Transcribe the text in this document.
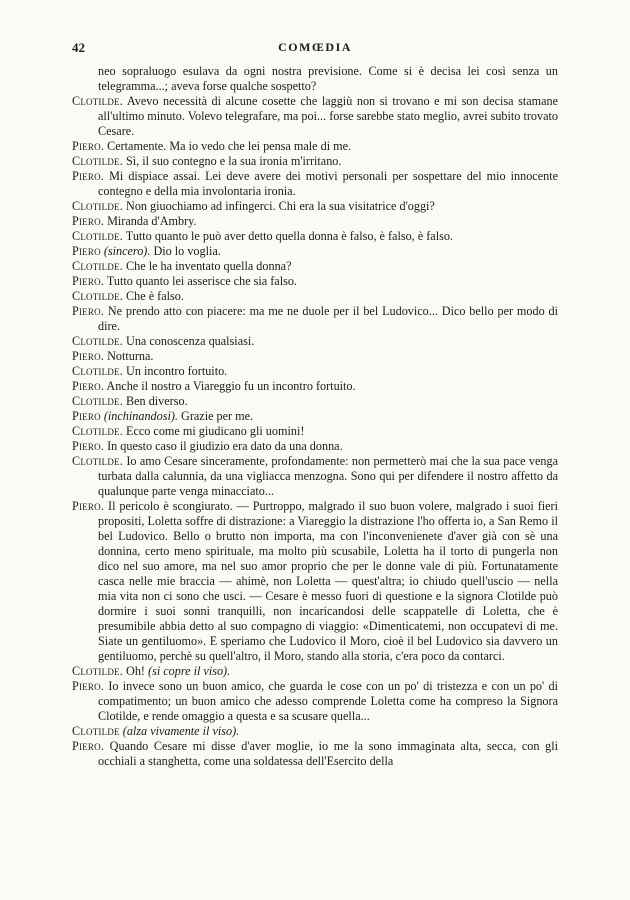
42	COMŒDIA

neo sopraluogo esulava da ogni nostra previsione. Come si è decisa lei così senza un telegramma...; aveva forse qualche sospetto?

Clotilde. Avevo necessità di alcune cosette che laggiù non si trovano e mi son decisa stamane all'ultimo minuto. Volevo telegrafare, ma poi... forse sarebbe stato meglio, avrei subito trovato Cesare.

Piero. Certamente. Ma io vedo che lei pensa male di me.

Clotilde. Sì, il suo contegno e la sua ironia m'irritano.

Piero. Mi dispiace assai. Lei deve avere dei motivi personali per sospettare del mio innocente contegno e della mia involontaria ironia.

Clotilde. Non giuochiamo ad infingerci. Chi era la sua visitatrice d'oggi?

Piero. Miranda d'Ambry.

Clotilde. Tutto quanto le può aver detto quella donna è falso, è falso, è falso.

Piero (sincero). Dio lo voglia.

Clotilde. Che le ha inventato quella donna?

Piero. Tutto quanto lei asserisce che sia falso.

Clotilde. Che è falso.

Piero. Ne prendo atto con piacere: ma me ne duole per il bel Ludovico... Dico bello per modo di dire.

Clotilde. Una conoscenza qualsiasi.

Piero. Notturna.

Clotilde. Un incontro fortuito.

Piero. Anche il nostro a Viareggio fu un incontro fortuito.

Clotilde. Ben diverso.

Piero (inchinandosi). Grazie per me.

Clotilde. Ecco come mi giudicano gli uomini!

Piero. In questo caso il giudizio era dato da una donna.

Clotilde. Io amo Cesare sinceramente, profondamente: non permetterò mai che la sua pace venga turbata dalla calunnia, da una vigliacca menzogna. Sono qui per difendere il nostro affetto da qualunque parte venga minacciato...

Piero. Il pericolo è scongiurato. — Purtroppo, malgrado il suo buon volere, malgrado i suoi fieri propositi, Loletta soffre di distrazione: a Viareggio la distrazione l'ho offerta io, a San Remo il bel Ludovico. Bello o brutto non importa, ma con l'inconvenienete d'aver già con sè una donnina, certo meno spirituale, ma molto più scusabile, Loletta ha il torto di pungerla non dico nel suo amore, ma nel suo amor proprio che per le donne vale di più. Fortunatamente casca nelle mie braccia — ahimè, non Loletta — quest'altra; io chiudo quell'uscio — nella mia vita non ci sono che usci. — Cesare è messo fuori di questione e la signora Clotilde può dormire i suoi sonni tranquilli, non incaricandosi delle scappatelle di Loletta, che è presumibile abbia detto al suo compagno di viaggio: «Dimenticatemi, non occupatevi di me. Siate un gentiluomo». E speriamo che Ludovico il Moro, cioè il bel Ludovico sia davvero un gentiluomo, perchè su quell'altro, il Moro, stando alla storia, c'era poco da contarci.

Clotilde. Oh! (si copre il viso).

Piero. Io invece sono un buon amico, che guarda le cose con un po' di tristezza e con un po' di compatimento; un buon amico che adesso comprende Loletta come ha compreso la Signora Clotilde, e rende omaggio a questa e sa scusare quella...

Clotilde (alza vivamente il viso).

Piero. Quando Cesare mi disse d'aver moglie, io me la sono immaginata alta, secca, con gli occhiali a stanghetta, come una soldatessa dell'Esercito della
